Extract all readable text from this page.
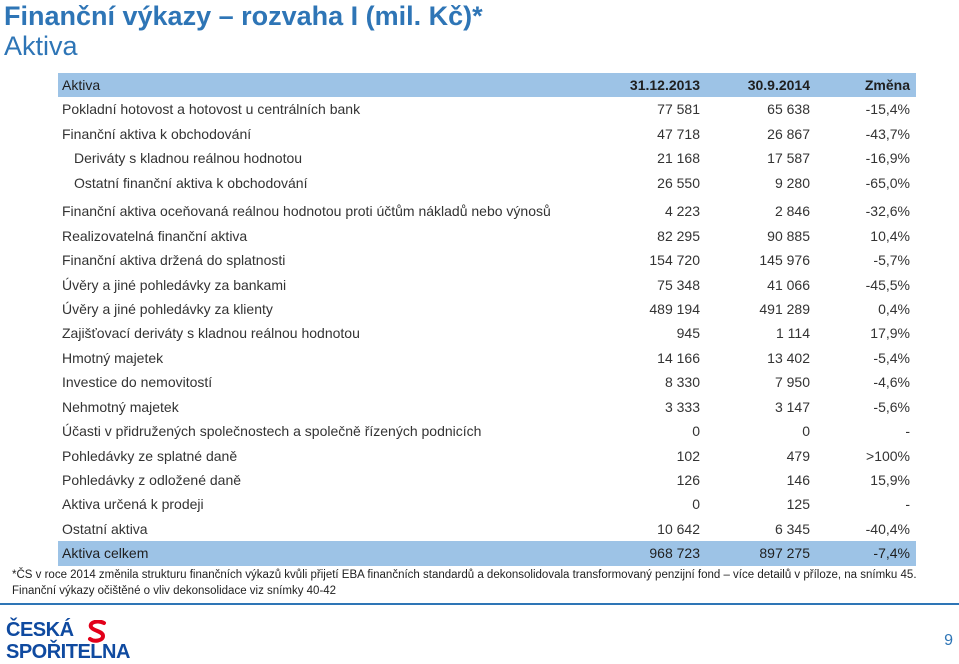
Finanční výkazy – rozvaha I (mil. Kč)*
Aktiva
Aktiva	31.12.2013	30.9.2014	Změna
Pokladní hotovost a hotovost u centrálních bank	77 581	65 638	-15,4%
Finanční aktiva k obchodování	47 718	26 867	-43,7%
Deriváty s kladnou reálnou hodnotou	21 168	17 587	-16,9%
Ostatní finanční aktiva k obchodování	26 550	9 280	-65,0%
Finanční aktiva oceňovaná reálnou hodnotou proti účtům nákladů nebo výnosů	4 223	2 846	-32,6%
Realizovatelná finanční aktiva	82 295	90 885	10,4%
Finanční aktiva držená do splatnosti	154 720	145 976	-5,7%
Úvěry a jiné pohledávky za bankami	75 348	41 066	-45,5%
Úvěry a jiné pohledávky za klienty	489 194	491 289	0,4%
Zajišťovací deriváty s kladnou reálnou hodnotou	945	1 114	17,9%
Hmotný majetek	14 166	13 402	-5,4%
Investice do nemovitostí	8 330	7 950	-4,6%
Nehmotný majetek	3 333	3 147	-5,6%
Účasti v přidružených společnostech a společně řízených podnicích	0	0	-
Pohledávky ze splatné daně	102	479	>100%
Pohledávky z odložené daně	126	146	15,9%
Aktiva určená k prodeji	0	125	-
Ostatní aktiva	10 642	6 345	-40,4%
Aktiva celkem	968 723	897 275	-7,4%
*ČS v roce 2014 změnila strukturu finančních výkazů kvůli přijetí EBA finančních standardů a dekonsolidovala transformovaný penzijní fond – více detailů v příloze, na snímku 45. Finanční výkazy očištěné o vliv dekonsolidace viz snímky 40-42
ČESKÁ
SPOŘITELNA
9
